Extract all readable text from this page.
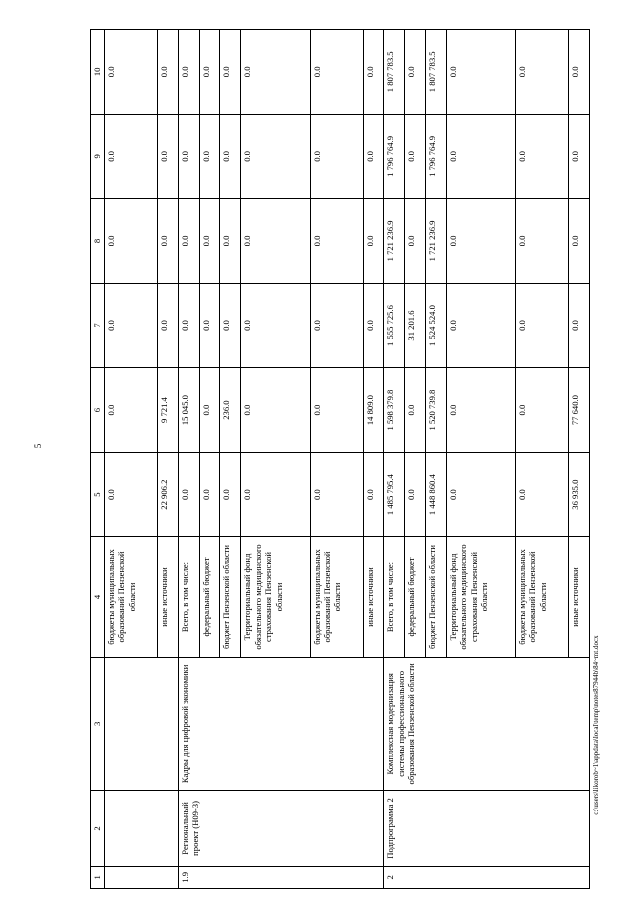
5
c:\users\likorob~1\appdata\local\temp\notes87944b\84~mt.docx
1	2	3	4	5	6	7	8	9	10
			бюджеты муниципальных образований Пензенской области	0.0	0.0	0.0	0.0	0.0	0.0
			иные источники	22 906.2	9 721.4	0.0	0.0	0.0	0.0
1.9	Региональный проект (Н09-3)	Кадры для цифровой экономики	Всего, в том числе:	0.0	15 045.0	0.0	0.0	0.0	0.0
			федеральный бюджет	0.0	0.0	0.0	0.0	0.0	0.0
			бюджет Пензенской области	0.0	236.0	0.0	0.0	0.0	0.0
			Территориальный фонд обязательного медицинского страхования Пензенской области	0.0	0.0	0.0	0.0	0.0	0.0
			бюджеты муниципальных образований Пензенской области	0.0	0.0	0.0	0.0	0.0	0.0
			иные источники	0.0	14 809.0	0.0	0.0	0.0	0.0
2	Подпрограмма 2	Комплексная модернизация системы профессионального образования Пензенской области	Всего, в том числе:	1 485 795.4	1 598 379.8	1 555 725.6	1 721 236.9	1 796 764.9	1 807 783.5
			федеральный бюджет	0.0	0.0	31 201.6	0.0	0.0	0.0
			бюджет Пензенской области	1 448 860.4	1 520 739.8	1 524 524.0	1 721 236.9	1 796 764.9	1 807 783.5
			Территориальный фонд обязательного медицинского страхования Пензенской области	0.0	0.0	0.0	0.0	0.0	0.0
			бюджеты муниципальных образований Пензенской области	0.0	0.0	0.0	0.0	0.0	0.0
			иные источники	36 935.0	77 640.0	0.0	0.0	0.0	0.0
